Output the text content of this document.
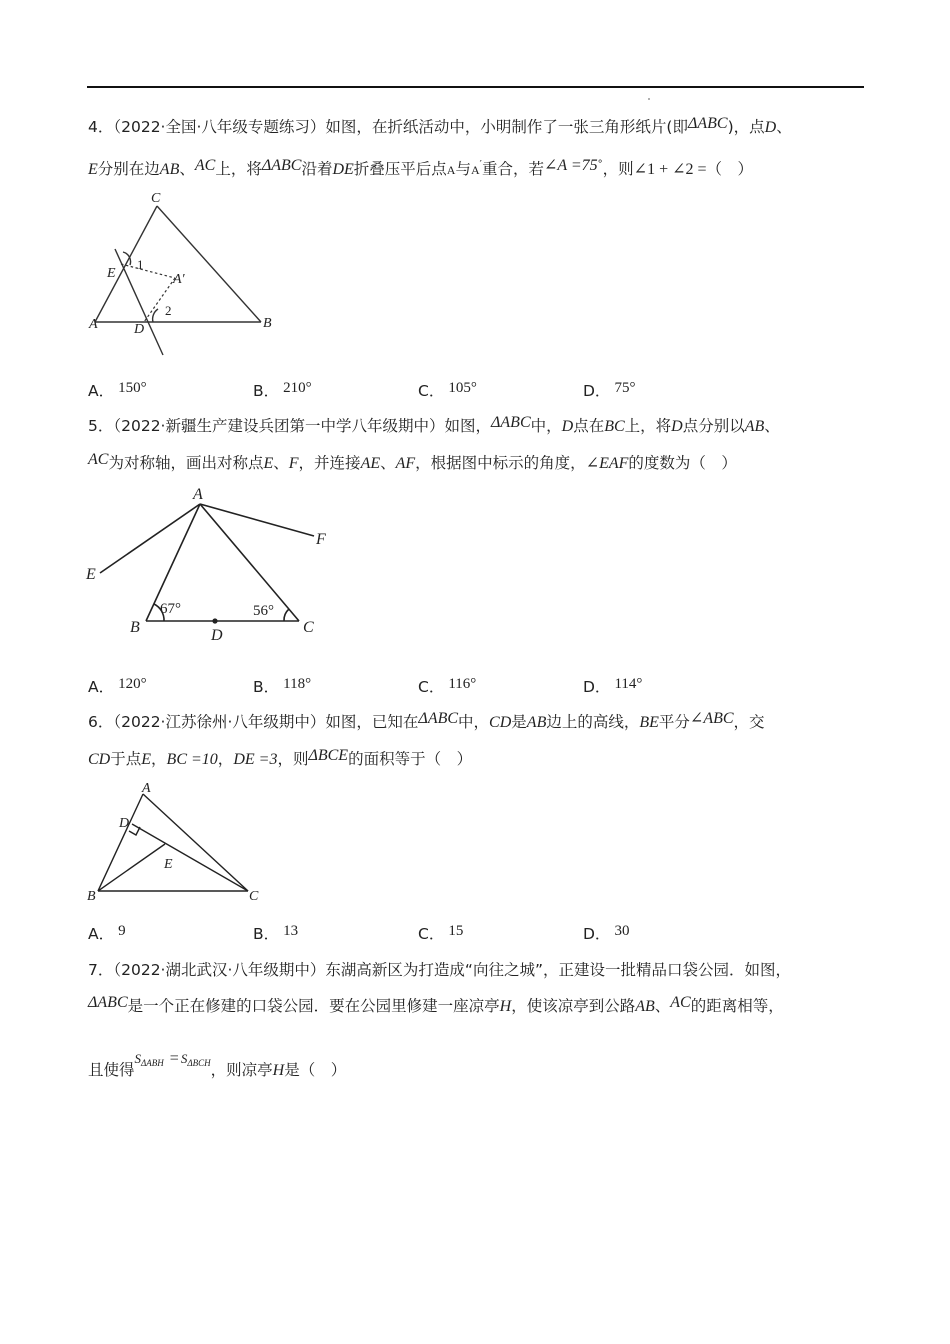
4．（2022·全国·八年级专题练习）如图，在折纸活动中，小明制作了一张三角形纸片(即ΔABC)，点D、
E分别在边AB、AC上，将ΔABC沿着DE折叠压平后点A与A′重合，若∠A =75°，则∠1 + ∠2 =（　）
C
E	A′
A	D	B
1
2
A． 150°	B． 210°	C． 105°	D． 75°
5．（2022·新疆生产建设兵团第一中学八年级期中）如图，ΔABC中，D点在BC上，将D点分别以AB、
AC为对称轴，画出对称点E、F，并连接AE、AF，根据图中标示的角度，∠EAF的度数为（　）
A
F
E
B	D	C
67°	56°
A． 120°	B． 118°	C． 116°	D． 114°
6．（2022·江苏徐州·八年级期中）如图，已知在ΔABC中，CD是AB边上的高线，BE平分∠ABC，交
CD于点E，BC =10，DE =3，则ΔBCE的面积等于（　）
A
D
E
B	C
A． 9	B． 13	C． 15	D． 30
7．（2022·湖北武汉·八年级期中）东湖高新区为打造成“向往之城”，正建设一批精品口袋公园．如图，
ΔABC是一个正在修建的口袋公园．要在公园里修建一座凉亭H，使该凉亭到公路AB、AC的距离相等，
且使得SΔABH = SΔBCH，则凉亭H是（　）
